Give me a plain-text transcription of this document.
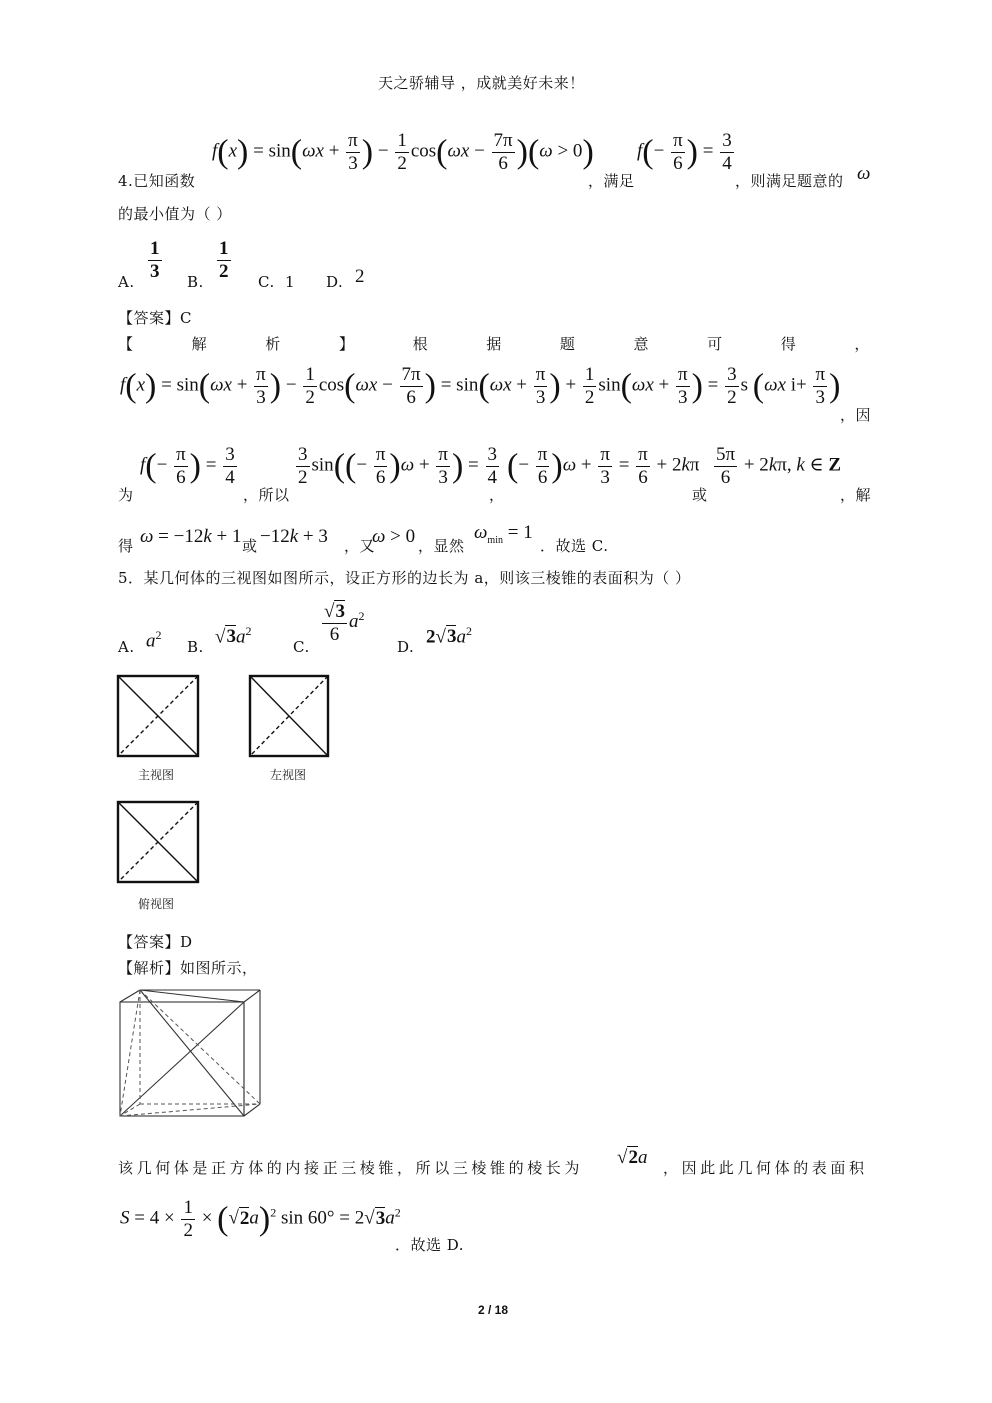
天之骄辅导 ，成就美好未来！
$f(x) = \sin(\omega x + \frac{\pi}{3}$ ) − $\frac{1}{2} \cos(\omega x - \frac{7\pi}{6} )(\omega > 0)$ $f(- \frac{\pi}{6}$ ) = $\frac{3}{4}$
4.已知函数	，满足	，则满足题意的 ω
的最小值为（ ）
$\frac{1}{3}$
A.	$\frac{1}{2}$
B.	C. 1 D. 2
【答案】C
【	解	析	】	根	据	题	意	可	得	，
$f(x) = \sin(\omega x + \frac{\pi}{3}$ ) − $\frac{1}{2} \cos(\omega x - \frac{7\pi}{6}$ ) = $\sin(\omega x + \frac{\pi}{3}$ ) + $\frac{1}{2} \sin(\omega x + \frac{\pi}{3}$ ) = $\frac{3}{2}$ s (ωx $i+ \frac{\pi}{3}$ )
，因
$f(- \frac{\pi}{6}$ ) = $\frac{3}{4}$
为	，所以
$\frac{3}{2} \sin((- \frac{\pi}{6} )\omega + \frac{\pi}{3}$ ) = $\frac{3}{4}$
，
(− $\frac{\pi}{6} )\omega + \frac{\pi}{3} = \frac{\pi}{6} + 2k\pi$
或
$\frac{5\pi}{6} + 2k\pi$, k ∈ Z
，解
得 ω = −12k + 1 或 −12k + 3 ，又
ω > 0 ，显然
$\omega_{min} = 1$
．故选 C.
5．某几何体的三视图如图所示，设正方形的边长为 a，则该三棱锥的表面积为（ ）
A. $a^2$
B. $√3a^2$
C.
$\frac{√3}{6} a^2$
D. $2√3a^2$
主视图	左视图
俯视图
【答案】D
【解析】如图所示，
该几何体是正方体的内接正三棱锥，所以三棱锥的棱长为 √2a ，因此此几何体的表面积
$S = 4 \times \frac{1}{2} \times (√2a)^2$ $\sin 60^\circ = 2√3a^2$
．故选 D.
2 / 18
